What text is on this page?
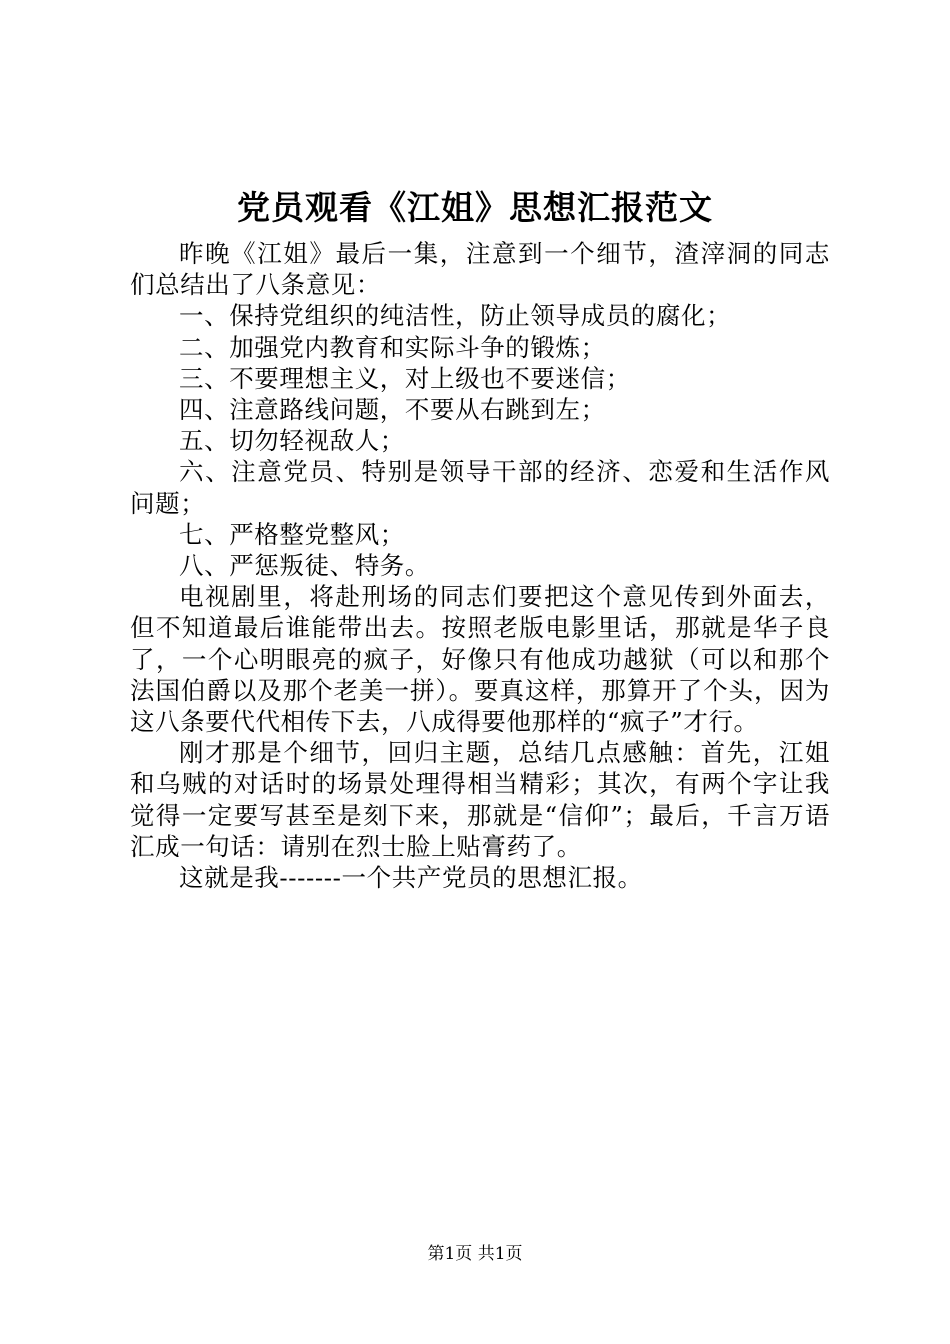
党员观看《江姐》思想汇报范文

昨晚《江姐》最后一集，注意到一个细节，渣滓洞的同志们总结出了八条意见：

一、保持党组织的纯洁性，防止领导成员的腐化；

二、加强党内教育和实际斗争的锻炼；

三、不要理想主义，对上级也不要迷信；

四、注意路线问题，不要从右跳到左；

五、切勿轻视敌人；

六、注意党员、特别是领导干部的经济、恋爱和生活作风问题；

七、严格整党整风；

八、严惩叛徒、特务。

电视剧里，将赴刑场的同志们要把这个意见传到外面去，但不知道最后谁能带出去。按照老版电影里话，那就是华子良了，一个心明眼亮的疯子，好像只有他成功越狱（可以和那个法国伯爵以及那个老美一拼）。要真这样，那算开了个头，因为这八条要代代相传下去，八成得要他那样的“疯子”才行。

刚才那是个细节，回归主题，总结几点感触：首先，江姐和乌贼的对话时的场景处理得相当精彩；其次，有两个字让我觉得一定要写甚至是刻下来，那就是“信仰”；最后，千言万语汇成一句话：请别在烈士脸上贴膏药了。

这就是我-------一个共产党员的思想汇报。

第1页 共1页
